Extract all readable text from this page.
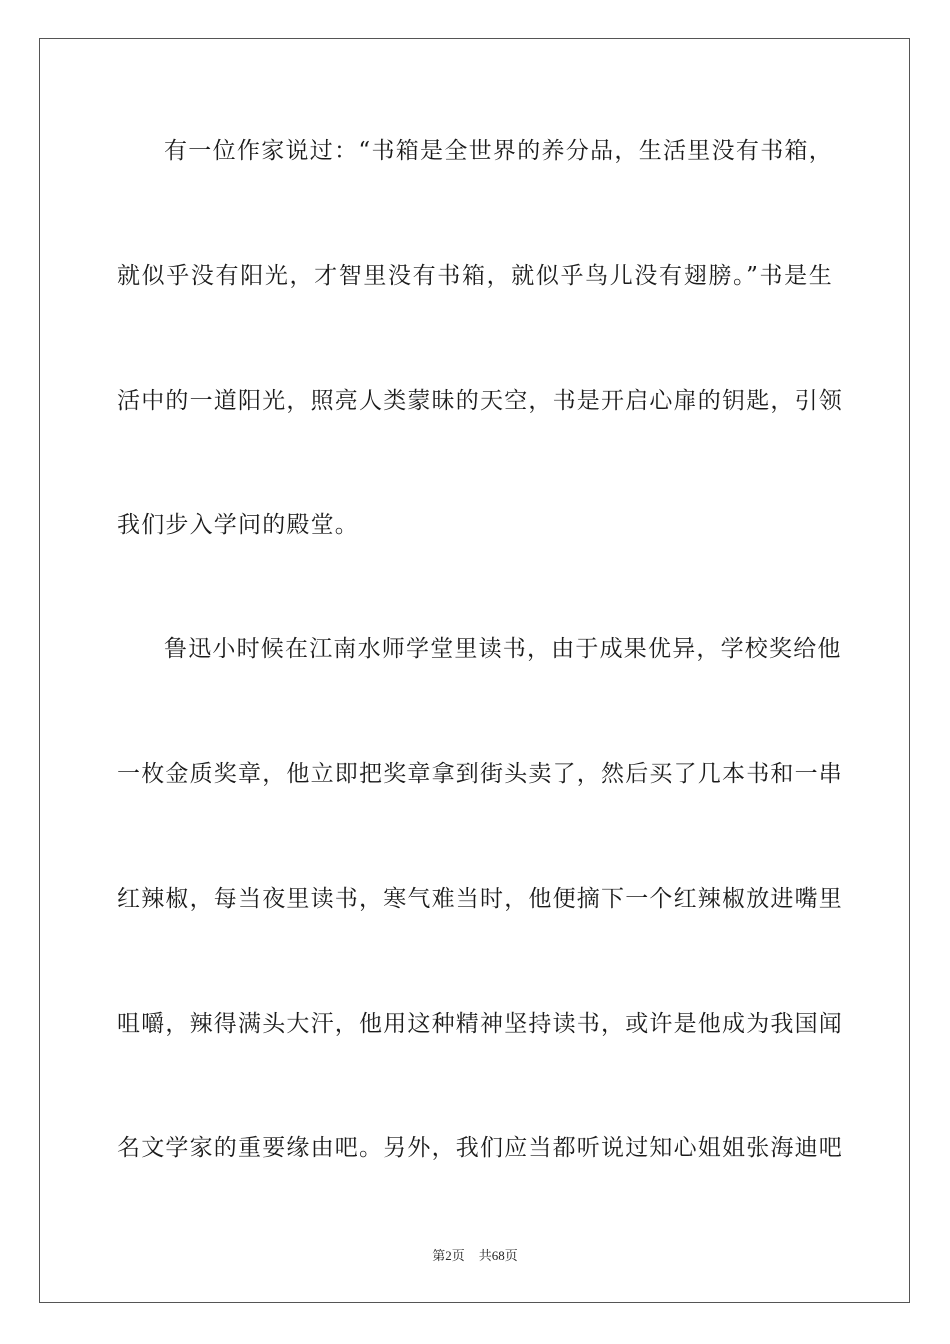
有一位作家说过：“书箱是全世界的养分品，生活里没有书箱，
就似乎没有阳光，才智里没有书箱，就似乎鸟儿没有翅膀。”书是生
活中的一道阳光，照亮人类蒙昧的天空，书是开启心扉的钥匙，引领
我们步入学问的殿堂。
鲁迅小时候在江南水师学堂里读书，由于成果优异，学校奖给他
一枚金质奖章，他立即把奖章拿到街头卖了，然后买了几本书和一串
红辣椒，每当夜里读书，寒气难当时，他便摘下一个红辣椒放进嘴里
咀嚼，辣得满头大汗，他用这种精神坚持读书，或许是他成为我国闻
名文学家的重要缘由吧。另外，我们应当都听说过知心姐姐张海迪吧
第2页 共68页
